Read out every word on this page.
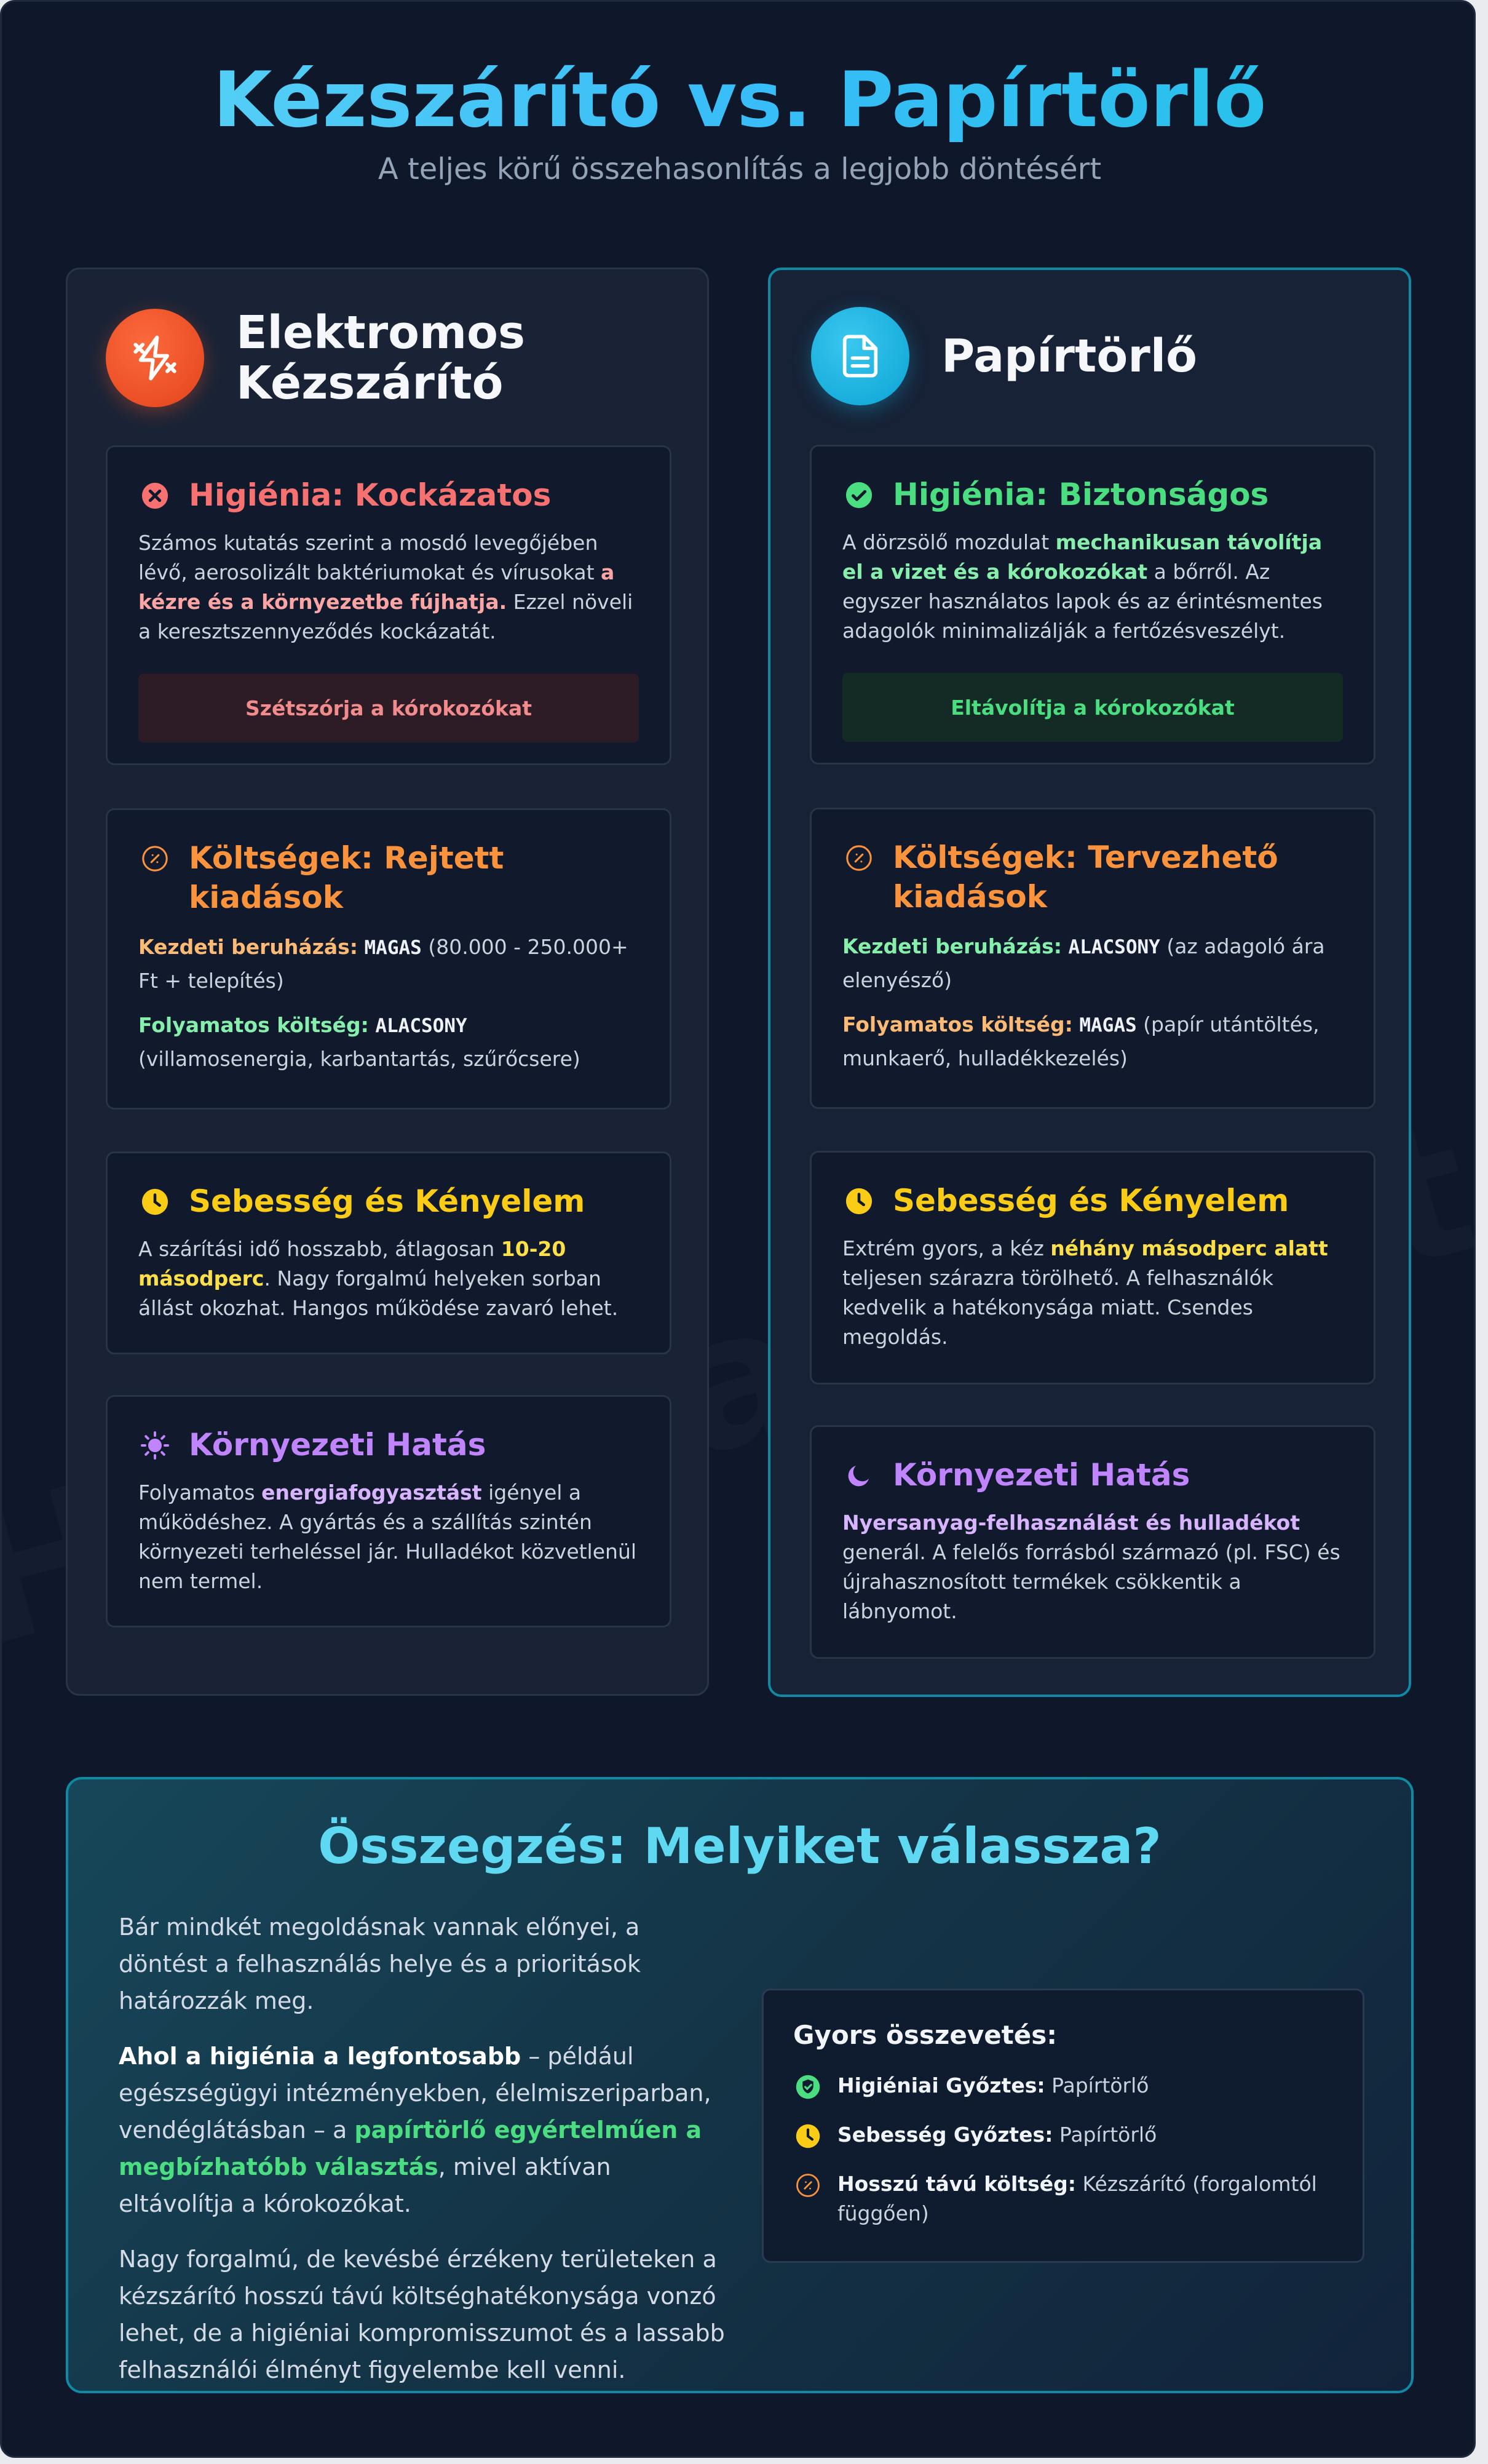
Kézszárító vs. Papírtörlő
A teljes körű összehasonlítás a legjobb döntésért
Elektromos
Kézszárító
Higiénia: Kockázatos
Számos kutatás szerint a mosdó levegőjében lévő, aerosolizált baktériumokat és vírusokat a kézre és a környezetbe fújhatja. Ezzel növeli a keresztszennyeződés kockázatát.
Szétszórja a kórokozókat
Költségek: Rejtett kiadások
Kezdeti beruházás: MAGAS (80.000 - 250.000+ Ft + telepítés)
Folyamatos költség: ALACSONY (villamosenergia, karbantartás, szűrőcsere)
Sebesség és Kényelem
A szárítási idő hosszabb, átlagosan 10-20 másodperc. Nagy forgalmú helyeken sorban állást okozhat. Hangos működése zavaró lehet.
Környezeti Hatás
Folyamatos energiafogyasztást igényel a működéshez. A gyártás és a szállítás szintén környezeti terheléssel jár. Hulladékot közvetlenül nem termel.
Papírtörlő
Higiénia: Biztonságos
A dörzsölő mozdulat mechanikusan távolítja el a vizet és a kórokozókat a bőrről. Az egyszer használatos lapok és az érintésmentes adagolók minimalizálják a fertőzésveszélyt.
Eltávolítja a kórokozókat
Költségek: Tervezhető kiadások
Kezdeti beruházás: ALACSONY (az adagoló ára elenyésző)
Folyamatos költség: MAGAS (papír utántöltés, munkaerő, hulladékkezelés)
Sebesség és Kényelem
Extrém gyors, a kéz néhány másodperc alatt teljesen szárazra törölhető. A felhasználók kedvelik a hatékonysága miatt. Csendes megoldás.
Környezeti Hatás
Nyersanyag-felhasználást és hulladékot generál. A felelős forrásból származó (pl. FSC) és újrahasznosított termékek csökkentik a lábnyomot.
Összegzés: Melyiket válassza?

Bár mindkét megoldásnak vannak előnyei, a döntést a felhasználás helye és a prioritások határozzák meg.

Ahol a higiénia a legfontosabb – például egészségügyi intézményekben, élelmiszeriparban, vendéglátásban – a papírtörlő egyértelműen a megbízhatóbb választás, mivel aktívan eltávolítja a kórokozókat.

Nagy forgalmú, de kevésbé érzékeny területeken a kézszárító hosszú távú költséghatékonysága vonzó lehet, de a higiéniai kompromisszumot és a lassabb felhasználói élményt figyelembe kell venni.

Gyors összevetés:
Higiéniai Győztes: Papírtörlő
Sebesség Győztes: Papírtörlő
Hosszú távú költség: Kézszárító (forgalomtól függően)
